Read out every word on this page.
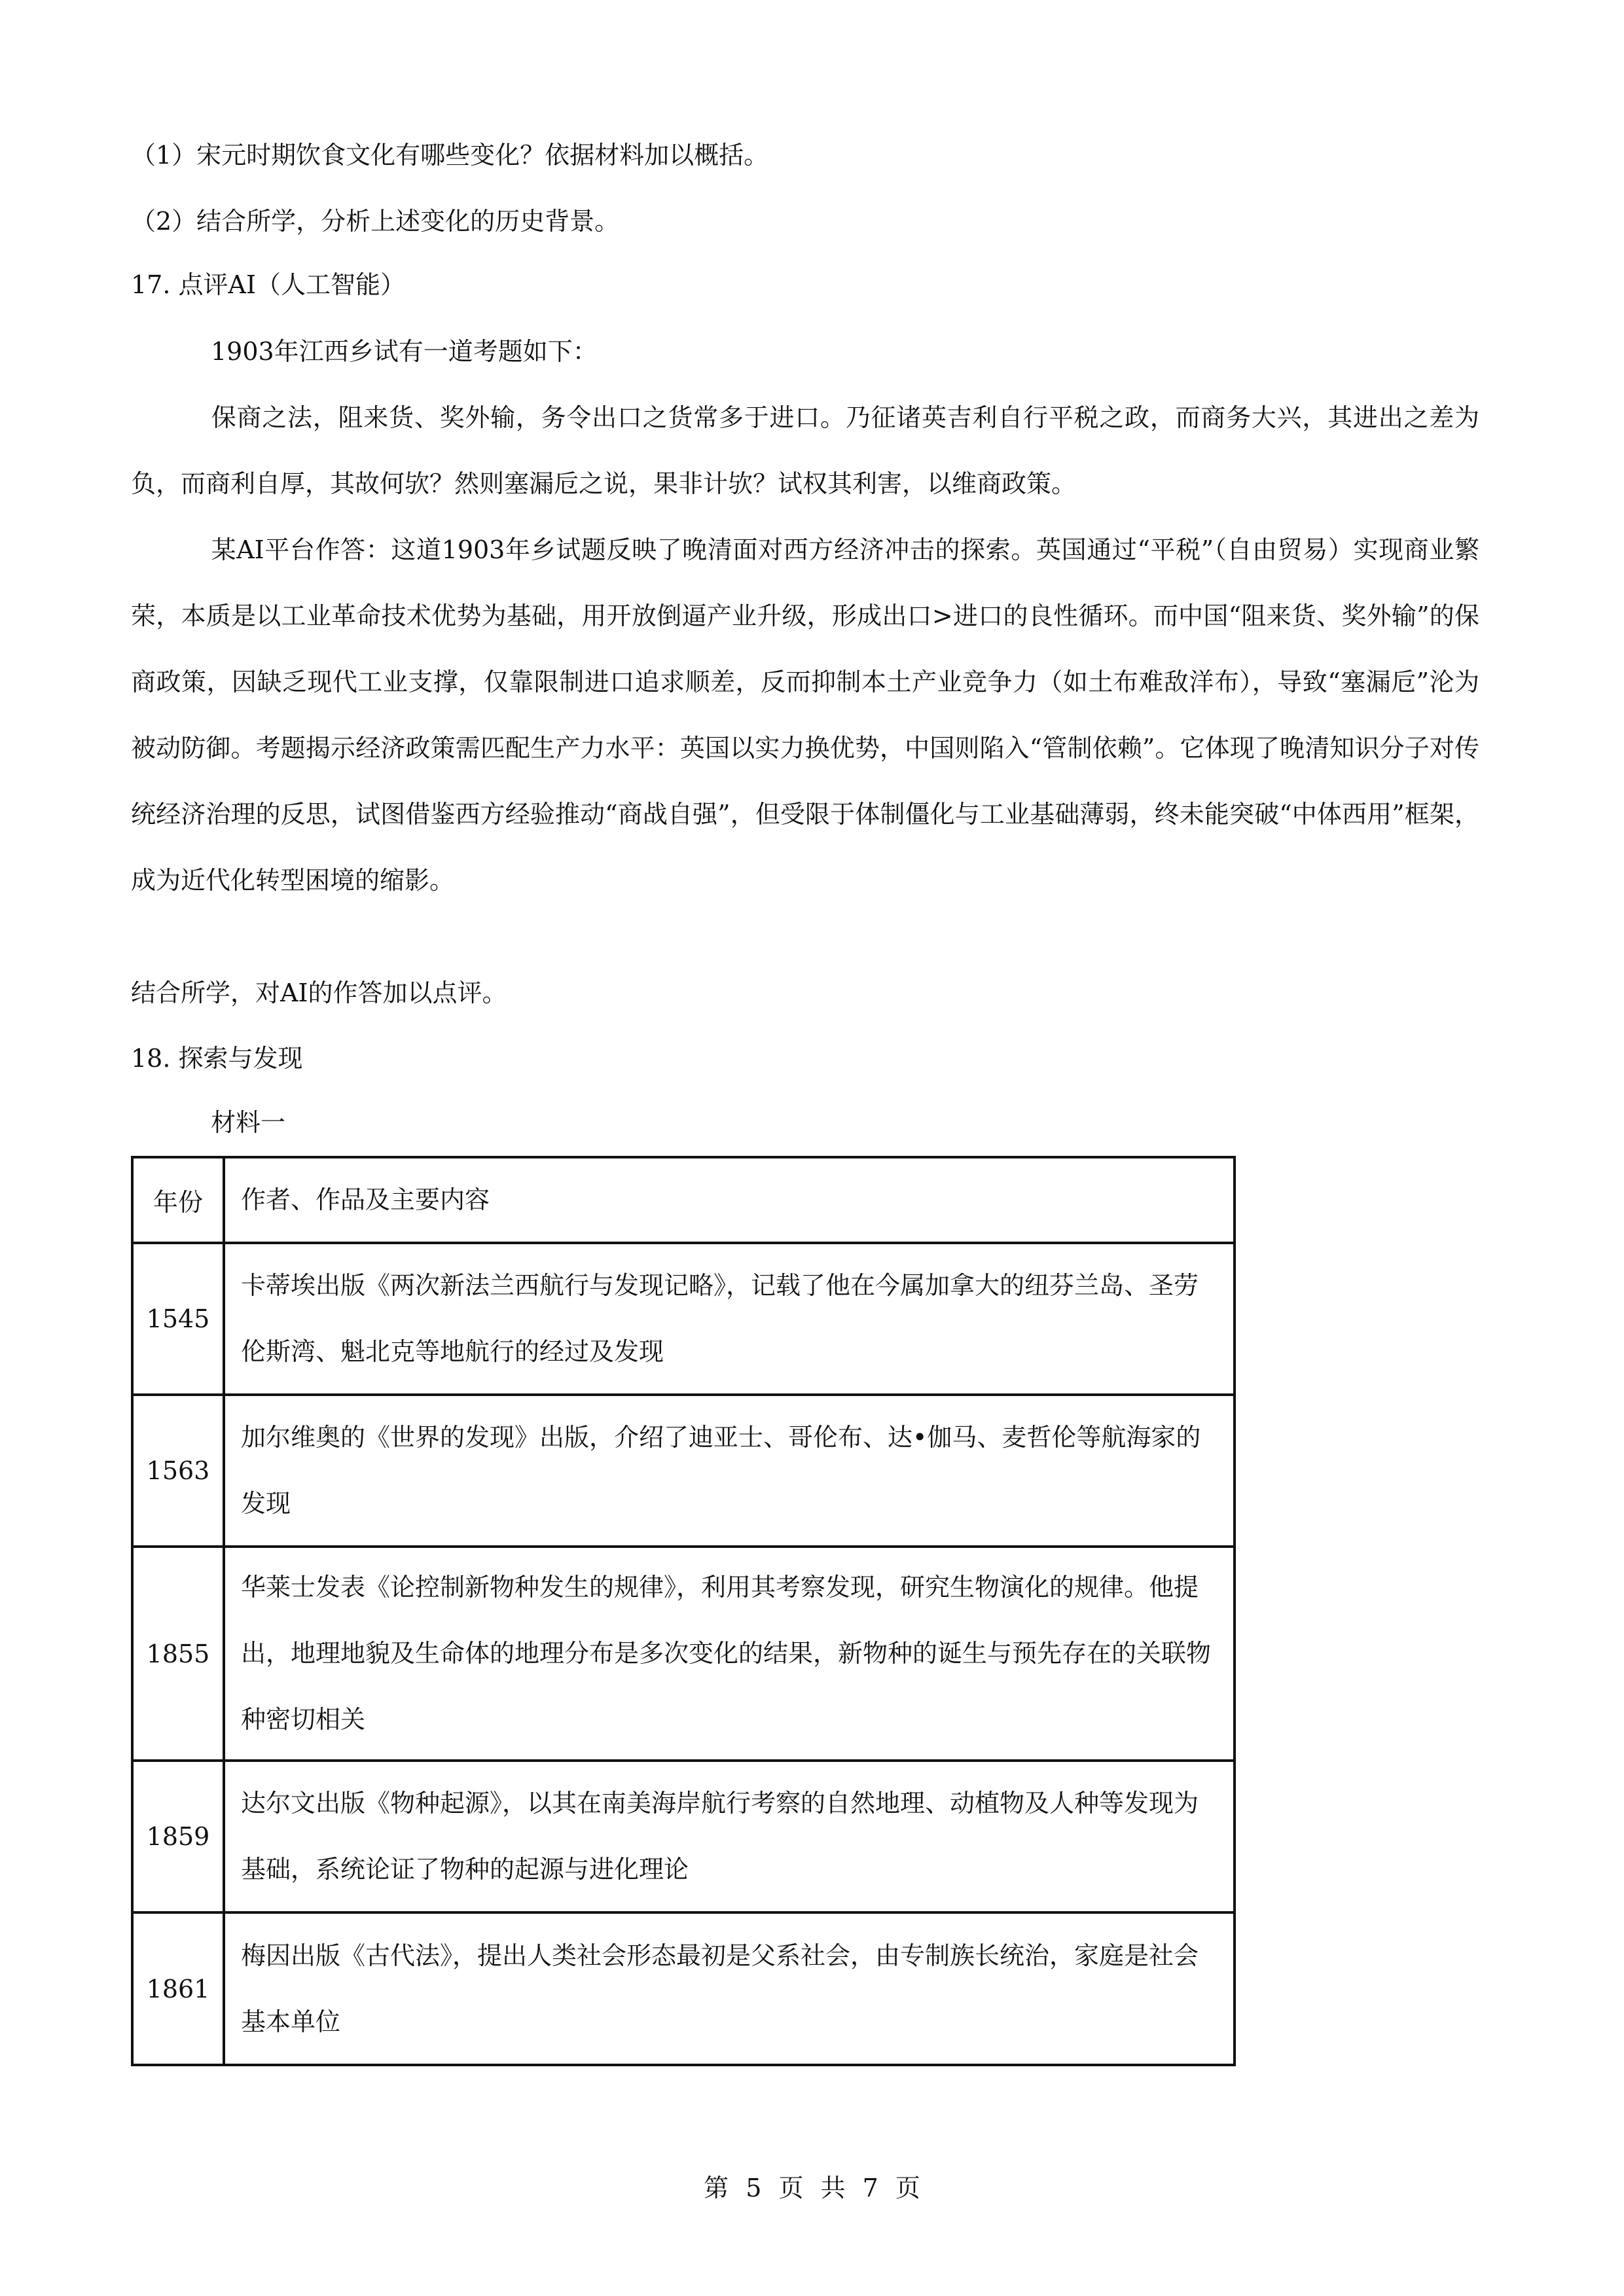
（1）宋元时期饮食文化有哪些变化？依据材料加以概括。
（2）结合所学，分析上述变化的历史背景。
17. 点评AI（人工智能）
1903年江西乡试有一道考题如下：
保商之法，阻来货、奖外输，务令出口之货常多于进口。乃征诸英吉利自行平税之政，而商务大兴，其进出之差为负，而商利自厚，其故何欤？然则塞漏卮之说，果非计欤？试权其利害，以维商政策。
某AI平台作答：这道1903年乡试题反映了晚清面对西方经济冲击的探索。英国通过“平税”（自由贸易）实现商业繁荣，本质是以工业革命技术优势为基础，用开放倒逼产业升级，形成出口>进口的良性循环。而中国“阻来货、奖外输”的保商政策，因缺乏现代工业支撑，仅靠限制进口追求顺差，反而抑制本土产业竞争力（如土布难敌洋布），导致“塞漏卮”沦为被动防御。考题揭示经济政策需匹配生产力水平：英国以实力换优势，中国则陷入“管制依赖”。它体现了晚清知识分子对传统经济治理的反思，试图借鉴西方经验推动“商战自强”，但受限于体制僵化与工业基础薄弱，终未能突破“中体西用”框架，成为近代化转型困境的缩影。
结合所学，对AI的作答加以点评。
18. 探索与发现
材料一
年份	作者、作品及主要内容
1545	卡蒂埃出版《两次新法兰西航行与发现记略》，记载了他在今属加拿大的纽芬兰岛、圣劳伦斯湾、魁北克等地航行的经过及发现
1563	加尔维奥的《世界的发现》出版，介绍了迪亚士、哥伦布、达•伽马、麦哲伦等航海家的发现
1855	华莱士发表《论控制新物种发生的规律》，利用其考察发现，研究生物演化的规律。他提出，地理地貌及生命体的地理分布是多次变化的结果，新物种的诞生与预先存在的关联物种密切相关
1859	达尔文出版《物种起源》，以其在南美海岸航行考察的自然地理、动植物及人种等发现为基础，系统论证了物种的起源与进化理论
1861	梅因出版《古代法》，提出人类社会形态最初是父系社会，由专制族长统治，家庭是社会基本单位
第 5 页 共 7 页
